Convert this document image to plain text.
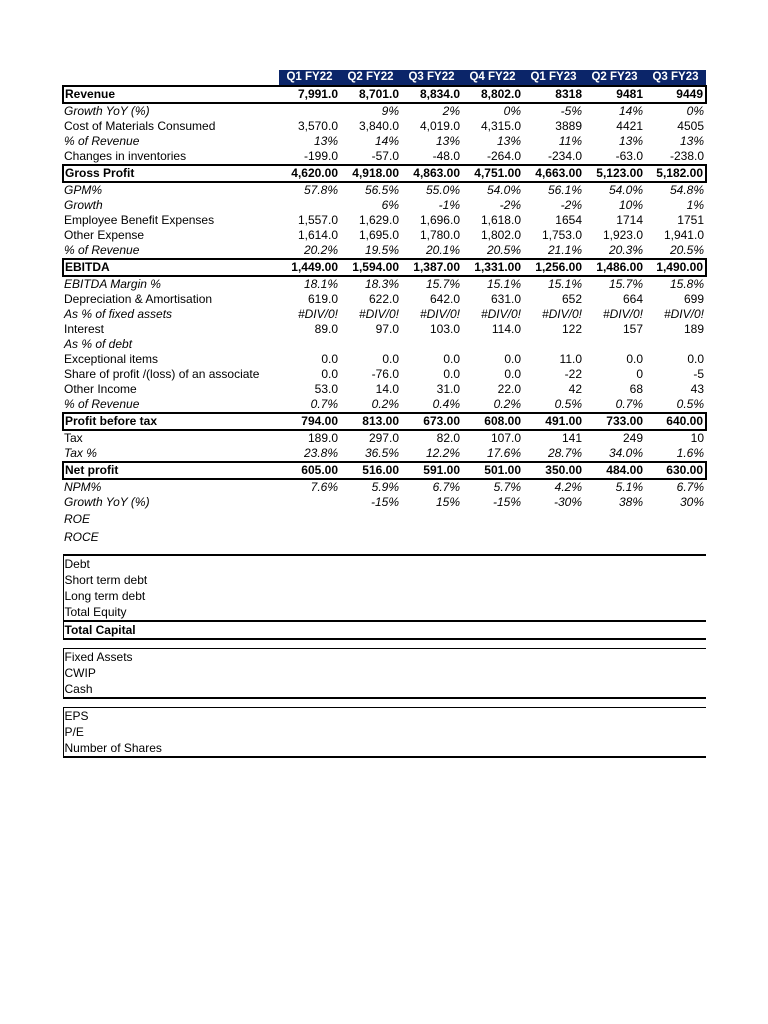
	Q1 FY22	Q2 FY22	Q3 FY22	Q4 FY22	Q1 FY23	Q2 FY23	Q3 FY23
Revenue	7,991.0	8,701.0	8,834.0	8,802.0	8318	9481	9449
Growth YoY (%)		9%	2%	0%	-5%	14%	0%
Cost of Materials Consumed	3,570.0	3,840.0	4,019.0	4,315.0	3889	4421	4505
% of Revenue	13%	14%	13%	13%	11%	13%	13%
Changes in inventories	-199.0	-57.0	-48.0	-264.0	-234.0	-63.0	-238.0
Gross Profit	4,620.00	4,918.00	4,863.00	4,751.00	4,663.00	5,123.00	5,182.00
GPM%	57.8%	56.5%	55.0%	54.0%	56.1%	54.0%	54.8%
Growth		6%	-1%	-2%	-2%	10%	1%
Employee Benefit Expenses	1,557.0	1,629.0	1,696.0	1,618.0	1654	1714	1751
Other Expense	1,614.0	1,695.0	1,780.0	1,802.0	1,753.0	1,923.0	1,941.0
% of Revenue	20.2%	19.5%	20.1%	20.5%	21.1%	20.3%	20.5%
EBITDA	1,449.00	1,594.00	1,387.00	1,331.00	1,256.00	1,486.00	1,490.00
EBITDA Margin %	18.1%	18.3%	15.7%	15.1%	15.1%	15.7%	15.8%
Depreciation & Amortisation	619.0	622.0	642.0	631.0	652	664	699
As % of fixed assets	#DIV/0!	#DIV/0!	#DIV/0!	#DIV/0!	#DIV/0!	#DIV/0!	#DIV/0!
Interest	89.0	97.0	103.0	114.0	122	157	189
As % of debt							
Exceptional items	0.0	0.0	0.0	0.0	11.0	0.0	0.0
Share of profit /(loss) of an associate	0.0	-76.0	0.0	0.0	-22	0	-5
Other Income	53.0	14.0	31.0	22.0	42	68	43
% of Revenue	0.7%	0.2%	0.4%	0.2%	0.5%	0.7%	0.5%
Profit before tax	794.00	813.00	673.00	608.00	491.00	733.00	640.00
Tax	189.0	297.0	82.0	107.0	141	249	10
Tax %	23.8%	36.5%	12.2%	17.6%	28.7%	34.0%	1.6%
Net profit	605.00	516.00	591.00	501.00	350.00	484.00	630.00
NPM%	7.6%	5.9%	6.7%	5.7%	4.2%	5.1%	6.7%
Growth YoY (%)		-15%	15%	-15%	-30%	38%	30%
ROE							
ROCE							

Debt							
Short term debt							
Long term debt							
Total Equity							
Total Capital							

Fixed Assets							
CWIP							
Cash							

EPS							
P/E							
Number of Shares							
